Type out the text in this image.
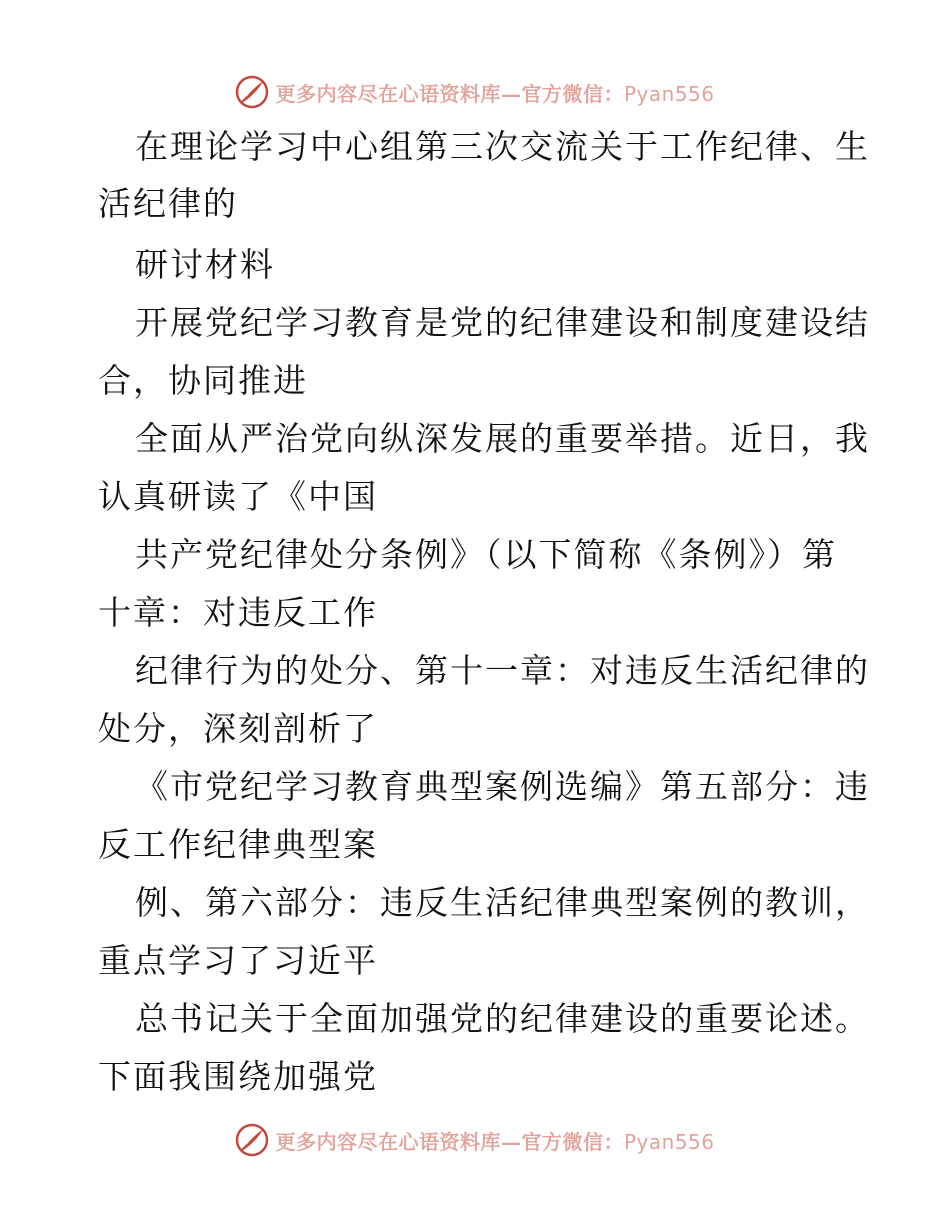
更多内容尽在心语资料库—官方微信：Pyan556
在理论学习中心组第三次交流关于工作纪律、生
活纪律的
研讨材料
开展党纪学习教育是党的纪律建设和制度建设结
合，协同推进
全面从严治党向纵深发展的重要举措。近日，我
认真研读了《中国
共产党纪律处分条例》（以下简称《条例》）第
十章：对违反工作
纪律行为的处分、第十一章：对违反生活纪律的
处分，深刻剖析了
《市党纪学习教育典型案例选编》第五部分：违
反工作纪律典型案
例、第六部分：违反生活纪律典型案例的教训，
重点学习了习近平
总书记关于全面加强党的纪律建设的重要论述。
下面我围绕加强党
更多内容尽在心语资料库—官方微信：Pyan556
